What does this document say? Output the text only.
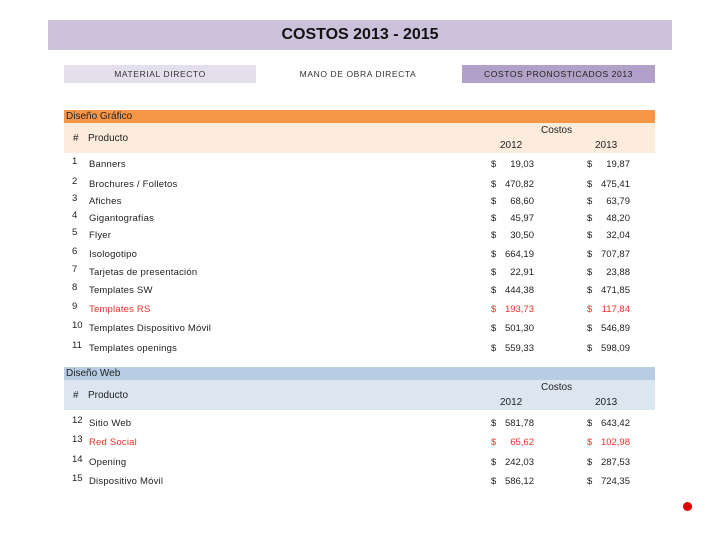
COSTOS 2013 - 2015
MATERIAL DIRECTO	MANO DE OBRA DIRECTA	COSTOS PRONOSTICADOS 2013
Diseño Gráfico
# Producto
Costos
2012	2013
1 Banners	$	19,03	$	19,87
2 Brochures / Folletos	$ 470,82	$ 475,41
3 Afiches	$	68,60	$	63,79
4 Gigantografías	$	45,97	$	48,20
5 Flyer	$	30,50	$	32,04
6 Isologotipo	$ 664,19	$ 707,87
7 Tarjetas de presentación	$	22,91	$	23,88
8 Templates SW	$ 444,38	$ 471,85
9 Templates RS	$ 193,73	$ 117,84
10 Templates Dispositivo Móvil	$ 501,30	$ 546,89
11 Templates openings	$ 559,33	$ 598,09
Diseño Web
# Producto
Costos
2012	2013
12 Sitio Web	$ 581,78	$ 643,42
13 Red Social	$	65,62	$ 102,98
14 Opening	$ 242,03	$ 287,53
15 Dispositivo Móvil	$ 586,12	$ 724,35
